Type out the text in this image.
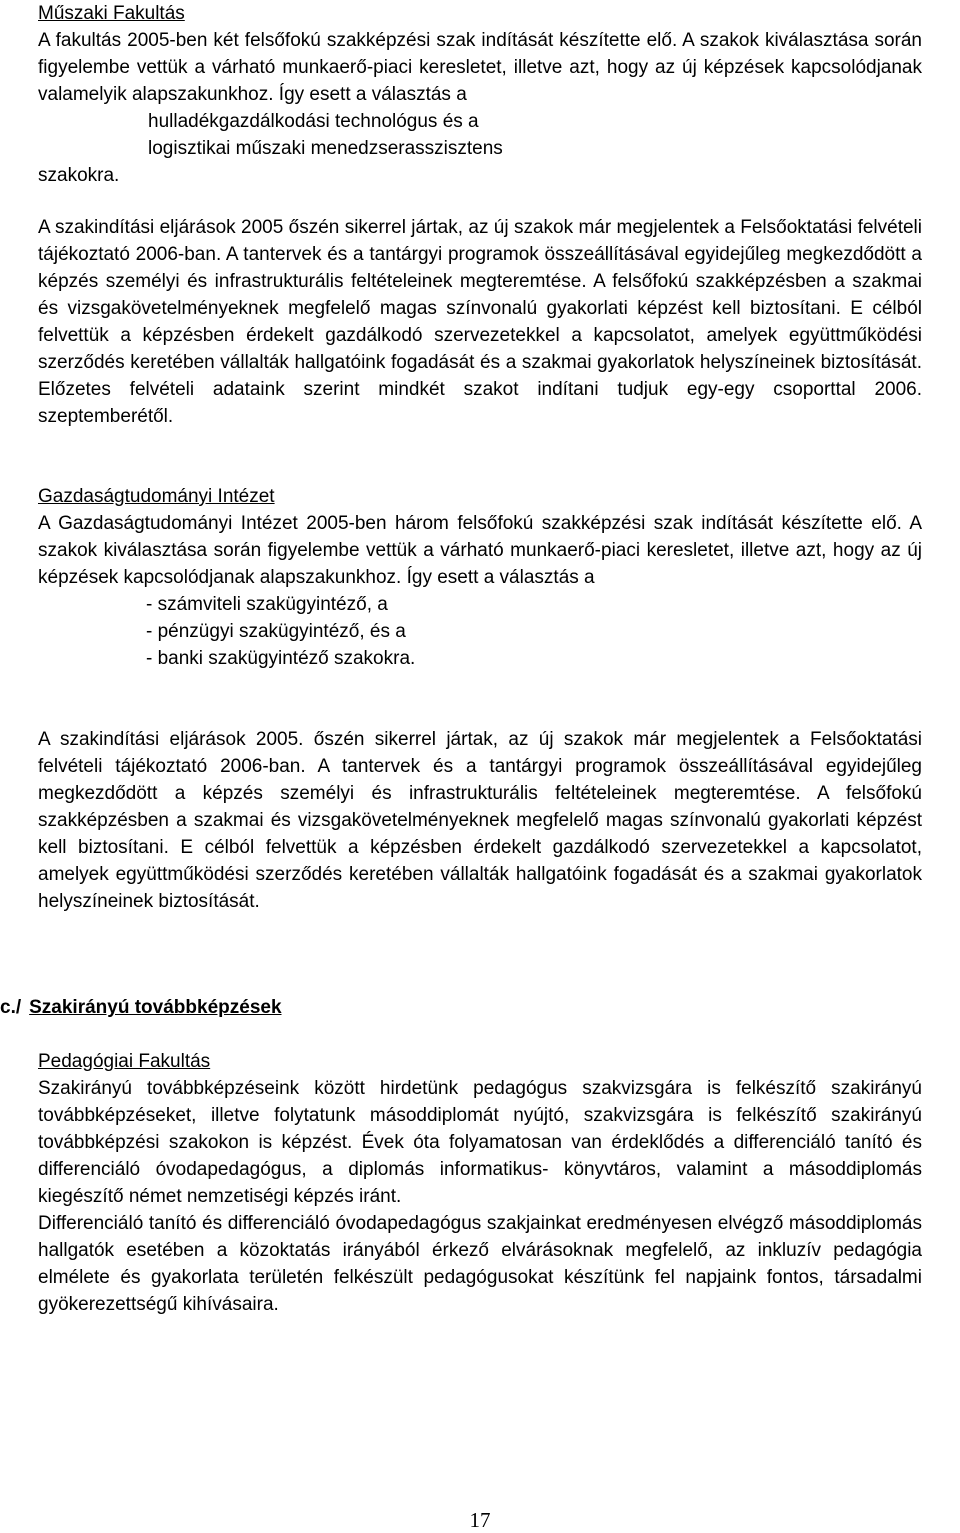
Műszaki Fakultás

A fakultás 2005-ben két felsőfokú szakképzési szak indítását készítette elő. A szakok kiválasztása során figyelembe vettük a várható munkaerő-piaci keresletet, illetve azt, hogy az új képzések kapcsolódjanak valamelyik alapszakunkhoz. Így esett a választás a

hulladékgazdálkodási technológus és a
logisztikai műszaki menedzserasszisztens
szakokra.

A szakindítási eljárások 2005 őszén sikerrel jártak, az új szakok már megjelentek a Felsőoktatási felvételi tájékoztató 2006-ban. A tantervek és a tantárgyi programok összeállításával egyidejűleg megkezdődött a képzés személyi és infrastrukturális feltételeinek megteremtése. A felsőfokú szakképzésben a szakmai és vizsgakövetelményeknek megfelelő magas színvonalú gyakorlati képzést kell biztosítani. E célból felvettük a képzésben érdekelt gazdálkodó szervezetekkel a kapcsolatot, amelyek együttműködési szerződés keretében vállalták hallgatóink fogadását és a szakmai gyakorlatok helyszíneinek biztosítását. Előzetes felvételi adataink szerint mindkét szakot indítani tudjuk egy-egy csoporttal 2006. szeptemberétől.

Gazdaságtudományi Intézet

A Gazdaságtudományi Intézet 2005-ben három felsőfokú szakképzési szak indítását készítette elő. A szakok kiválasztása során figyelembe vettük a várható munkaerő-piaci keresletet, illetve azt, hogy az új képzések kapcsolódjanak alapszakunkhoz. Így esett a választás a

- számviteli szakügyintéző, a
- pénzügyi szakügyintéző, és a
- banki szakügyintéző szakokra.

A szakindítási eljárások 2005. őszén sikerrel jártak, az új szakok már megjelentek a Felsőoktatási felvételi tájékoztató 2006-ban. A tantervek és a tantárgyi programok összeállításával egyidejűleg megkezdődött a képzés személyi és infrastrukturális feltételeinek megteremtése. A felsőfokú szakképzésben a szakmai és vizsgakövetelményeknek megfelelő magas színvonalú gyakorlati képzést kell biztosítani. E célból felvettük a képzésben érdekelt gazdálkodó szervezetekkel a kapcsolatot, amelyek együttműködési szerződés keretében vállalták hallgatóink fogadását és a szakmai gyakorlatok helyszíneinek biztosítását.

c./ Szakirányú továbbképzések
Pedagógiai Fakultás

Szakirányú továbbképzéseink között hirdetünk pedagógus szakvizsgára is felkészítő szakirányú továbbképzéseket, illetve folytatunk másoddiplomát nyújtó, szakvizsgára is felkészítő szakirányú továbbképzési szakokon is képzést. Évek óta folyamatosan van érdeklődés a differenciáló tanító és differenciáló óvodapedagógus, a diplomás informatikus- könyvtáros, valamint a másoddiplomás kiegészítő német nemzetiségi képzés iránt.

Differenciáló tanító és differenciáló óvodapedagógus szakjainkat eredményesen elvégző másoddiplomás hallgatók esetében a közoktatás irányából érkező elvárásoknak megfelelő, az inkluzív pedagógia elmélete és gyakorlata területén felkészült pedagógusokat készítünk fel napjaink fontos, társadalmi gyökerezettségű kihívásaira.

17
